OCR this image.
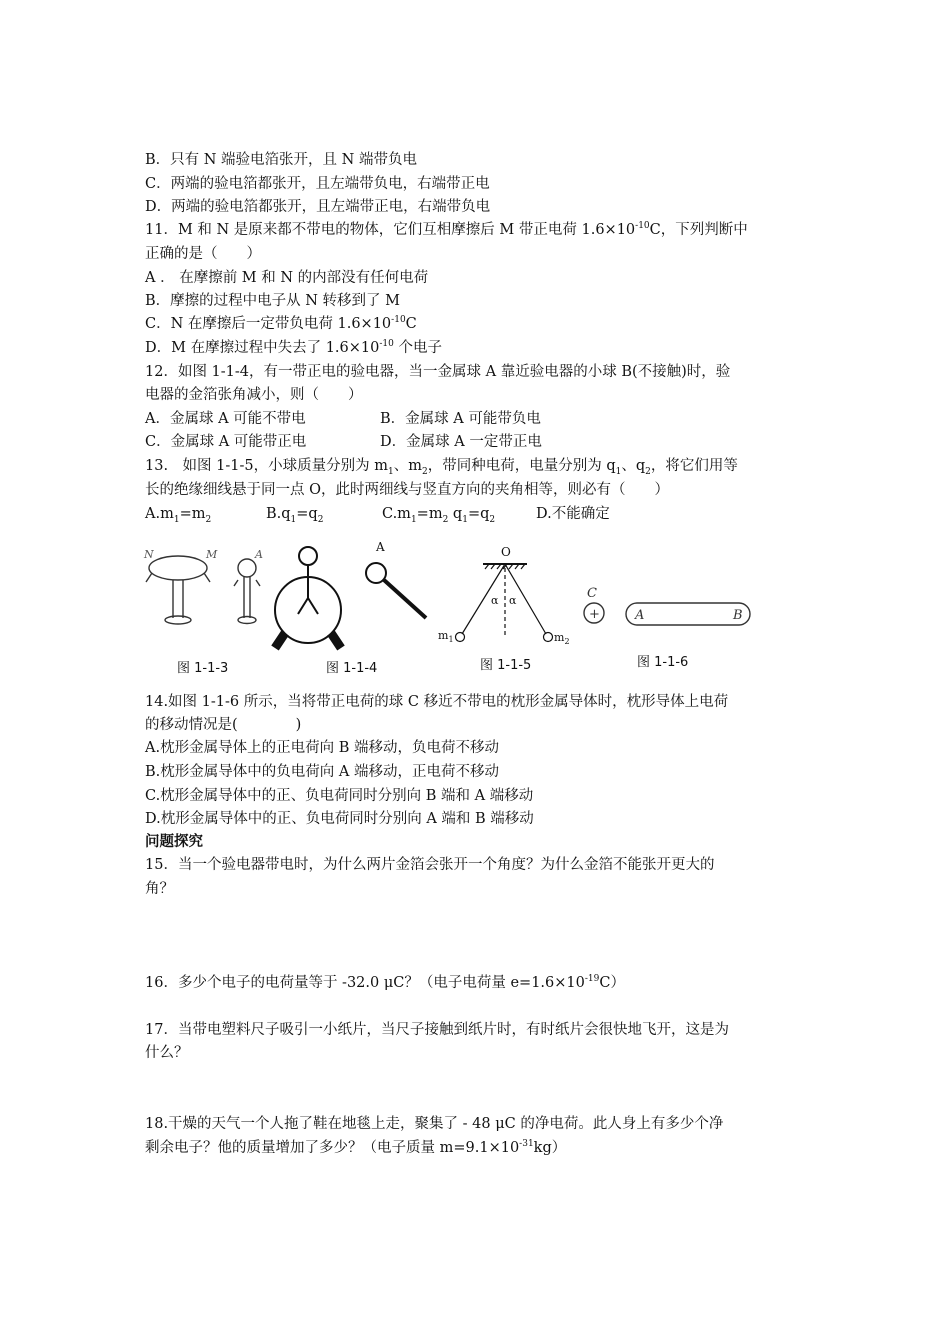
B．只有 N 端验电箔张开，且 N 端带负电
C．两端的验电箔都张开，且左端带负电，右端带正电
D．两端的验电箔都张开，且左端带正电，右端带负电
11．M 和 N 是原来都不带电的物体，它们互相摩擦后 M 带正电荷 $1.6\times 10^{-10}C$，下列判断中
正确的是（　　）
A ． 在摩擦前 M 和 N 的内部没有任何电荷
B．摩擦的过程中电子从 N 转移到了 M
C．N 在摩擦后一定带负电荷 $1.6\times 10^{-10}C$
D．M 在摩擦过程中失去了 $1.6\times 10^{-10}$ 个电子
12．如图 1-1-4，有一带正电的验电器，当一金属球 A 靠近验电器的小球 B(不接触)时，验
电器的金箔张角减小，则（　　）
A．金属球 A 可能不带电	B．金属球 A 可能带负电
C．金属球 A 可能带正电	D．金属球 A 一定带正电
13.　如图 1-1-5，小球质量分别为 $m_1$、$m_2$，带同种电荷，电量分别为 $q_1$、$q_2$，将它们用等
长的绝缘细线悬于同一点 O，此时两细线与竖直方向的夹角相等，则必有（　　）
$A.m_1=m_2$	$B.q_1=q_2$	$C.m_1=m_2$ $q_1=q_2$	D.不能确定
N	M	A
A	O
α α
$m_1$	$m_2$
C
+	A	B
图 1-1-3	图 1-1-4	图 1-1-5	图 1-1-6
14.如图 1-1-6 所示，当将带正电荷的球 C 移近不带电的枕形金属导体时，枕形导体上电荷
的移动情况是(　　　　)
A.枕形金属导体上的正电荷向 B 端移动，负电荷不移动
B.枕形金属导体中的负电荷向 A 端移动，正电荷不移动
C.枕形金属导体中的正、负电荷同时分别向 B 端和 A 端移动
D.枕形金属导体中的正、负电荷同时分别向 A 端和 B 端移动
问题探究
15．当一个验电器带电时，为什么两片金箔会张开一个角度？为什么金箔不能张开更大的
角？
16．多少个电子的电荷量等于 -32.0 μC？（电子电荷量 $e=1.6\times 10^{-19}C$）
17．当带电塑料尺子吸引一小纸片，当尺子接触到纸片时，有时纸片会很快地飞开，这是为
什么？
18.干燥的天气一个人拖了鞋在地毯上走，聚集了 - 48 μC 的净电荷。此人身上有多少个净
剩余电子？他的质量增加了多少？（电子质量 $m=9.1\times 10^{-31}kg$）
